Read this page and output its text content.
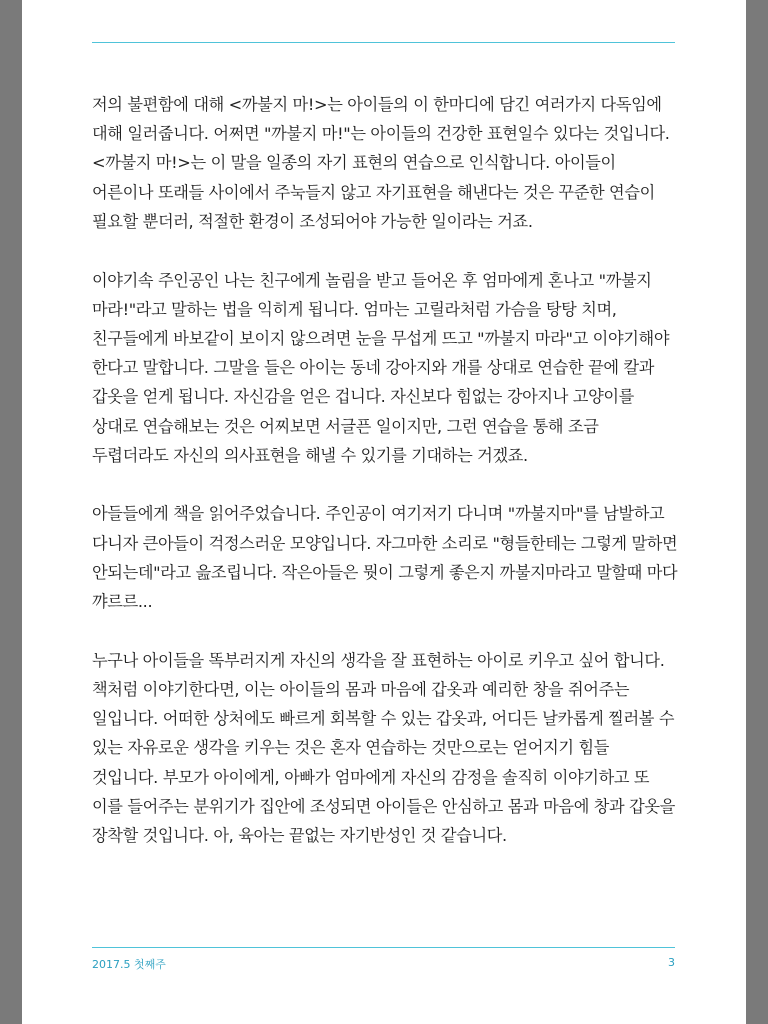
저의 불편함에 대해 <까불지 마!>는 아이들의 이 한마디에 담긴 여러가지 다독임에 대해 일러줍니다. 어쩌면 "까불지 마!"는 아이들의 건강한 표현일수 있다는 것입니다. <까불지 마!>는 이 말을 일종의 자기 표현의 연습으로 인식합니다. 아이들이 어른이나 또래들 사이에서 주눅들지 않고 자기표현을 해낸다는 것은 꾸준한 연습이 필요할 뿐더러, 적절한 환경이 조성되어야 가능한 일이라는 거죠.

이야기속 주인공인 나는 친구에게 놀림을 받고 들어온 후 엄마에게 혼나고 "까불지 마라!"라고 말하는 법을 익히게 됩니다. 엄마는 고릴라처럼 가슴을 탕탕 치며, 친구들에게 바보같이 보이지 않으려면 눈을 무섭게 뜨고 "까불지 마라"고 이야기해야 한다고 말합니다. 그말을 들은 아이는 동네 강아지와 개를 상대로 연습한 끝에 칼과 갑옷을 얻게 됩니다. 자신감을 얻은 겁니다. 자신보다 힘없는 강아지나 고양이를 상대로 연습해보는 것은 어찌보면 서글픈 일이지만, 그런 연습을 통해 조금 두렵더라도 자신의 의사표현을 해낼 수 있기를 기대하는 거겠죠.

아들들에게 책을 읽어주었습니다. 주인공이 여기저기 다니며 "까불지마"를 남발하고 다니자 큰아들이 걱정스러운 모양입니다. 자그마한 소리로 "형들한테는 그렇게 말하면 안되는데"라고 읊조립니다. 작은아들은 뭣이 그렇게 좋은지 까불지마라고 말할때 마다 꺄르르...

누구나 아이들을 똑부러지게 자신의 생각을 잘 표현하는 아이로 키우고 싶어 합니다. 책처럼 이야기한다면, 이는 아이들의 몸과 마음에 갑옷과 예리한 창을 쥐어주는 일입니다. 어떠한 상처에도 빠르게 회복할 수 있는 갑옷과, 어디든 날카롭게 찔러볼 수 있는 자유로운 생각을 키우는 것은 혼자 연습하는 것만으로는 얻어지기 힘들 것입니다. 부모가 아이에게, 아빠가 엄마에게 자신의 감정을 솔직히 이야기하고 또 이를 들어주는 분위기가 집안에 조성되면 아이들은 안심하고 몸과 마음에 창과 갑옷을 장착할 것입니다. 아, 육아는 끝없는 자기반성인 것 같습니다.

2017.5 첫째주	3
